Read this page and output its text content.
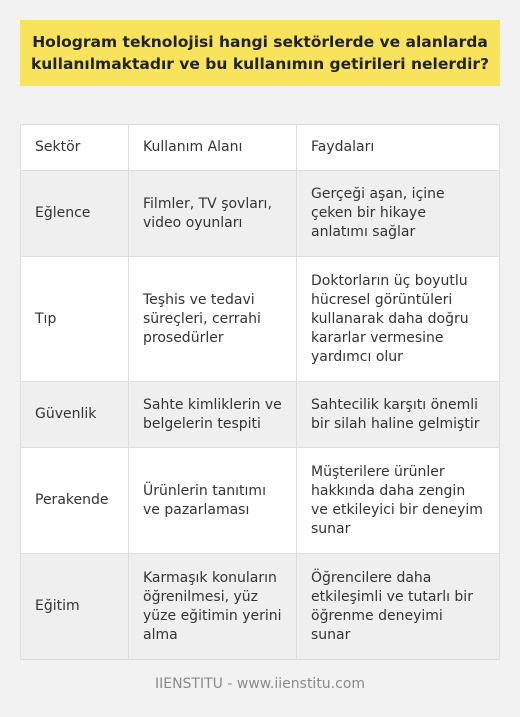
Hologram teknolojisi hangi sektörlerde ve alanlarda
kullanılmaktadır ve bu kullanımın getirileri nelerdir?
Sektör	Kullanım Alanı	Faydaları
Eğlence
Filmler, TV şovları,
video oyunları
Gerçeği aşan, içine
çeken bir hikaye
anlatımı sağlar
Tıp
Teşhis ve tedavi
süreçleri, cerrahi
prosedürler
Doktorların üç boyutlu
hücresel görüntüleri
kullanarak daha doğru
kararlar vermesine
yardımcı olur
Güvenlik
Sahte kimliklerin ve
belgelerin tespiti
Sahtecilik karşıtı önemli
bir silah haline gelmiştir
Perakende
Ürünlerin tanıtımı
ve pazarlaması
Müşterilere ürünler
hakkında daha zengin
ve etkileyici bir deneyim
sunar
Eğitim
Karmaşık konuların
öğrenilmesi, yüz
yüze eğitimin yerini
alma
Öğrencilere daha
etkileşimli ve tutarlı bir
öğrenme deneyimi
sunar
IIENSTITU - www.iienstitu.com
